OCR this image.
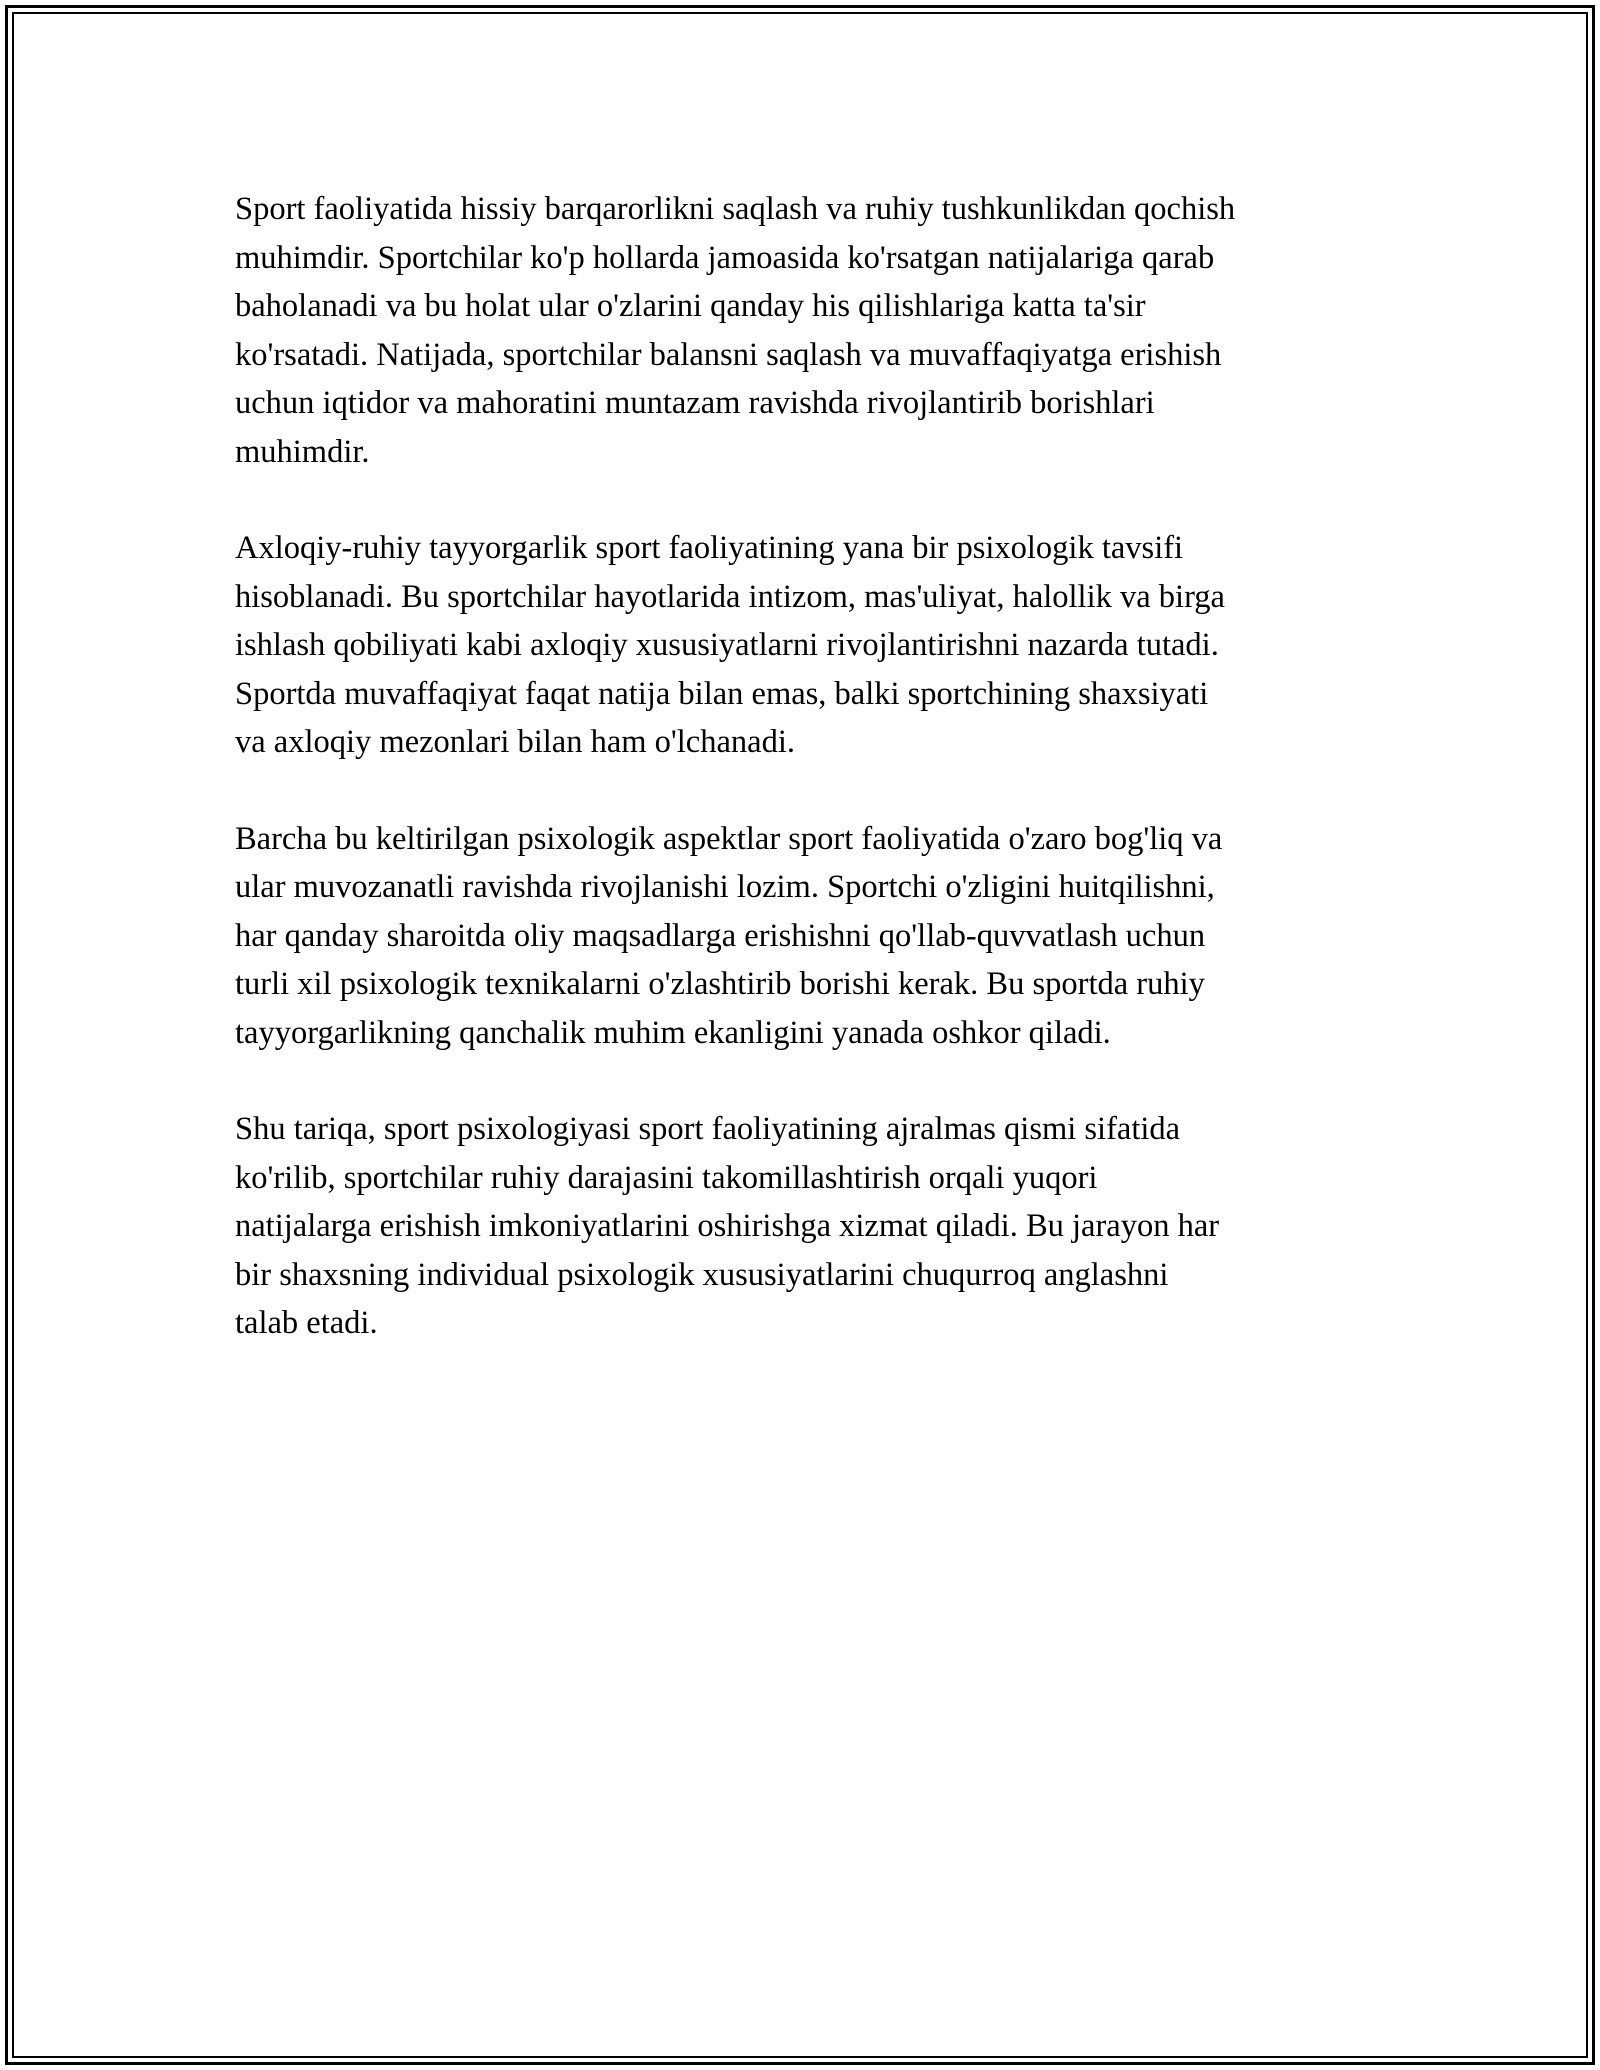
Sport faoliyatida hissiy barqarorlikni saqlash va ruhiy tushkunlikdan qochish
muhimdir. Sportchilar ko'p hollarda jamoasida ko'rsatgan natijalariga qarab
baholanadi va bu holat ular o'zlarini qanday his qilishlariga katta ta'sir
ko'rsatadi. Natijada, sportchilar balansni saqlash va muvaffaqiyatga erishish
uchun iqtidor va mahoratini muntazam ravishda rivojlantirib borishlari
muhimdir.

Axloqiy-ruhiy tayyorgarlik sport faoliyatining yana bir psixologik tavsifi
hisoblanadi. Bu sportchilar hayotlarida intizom, mas'uliyat, halollik va birga
ishlash qobiliyati kabi axloqiy xususiyatlarni rivojlantirishni nazarda tutadi.
Sportda muvaffaqiyat faqat natija bilan emas, balki sportchining shaxsiyati
va axloqiy mezonlari bilan ham o'lchanadi.

Barcha bu keltirilgan psixologik aspektlar sport faoliyatida o'zaro bog'liq va
ular muvozanatli ravishda rivojlanishi lozim. Sportchi o'zligini huitqilishni,
har qanday sharoitda oliy maqsadlarga erishishni qo'llab-quvvatlash uchun
turli xil psixologik texnikalarni o'zlashtirib borishi kerak. Bu sportda ruhiy
tayyorgarlikning qanchalik muhim ekanligini yanada oshkor qiladi.

Shu tariqa, sport psixologiyasi sport faoliyatining ajralmas qismi sifatida
ko'rilib, sportchilar ruhiy darajasini takomillashtirish orqali yuqori
natijalarga erishish imkoniyatlarini oshirishga xizmat qiladi. Bu jarayon har
bir shaxsning individual psixologik xususiyatlarini chuqurroq anglashni
talab etadi.
